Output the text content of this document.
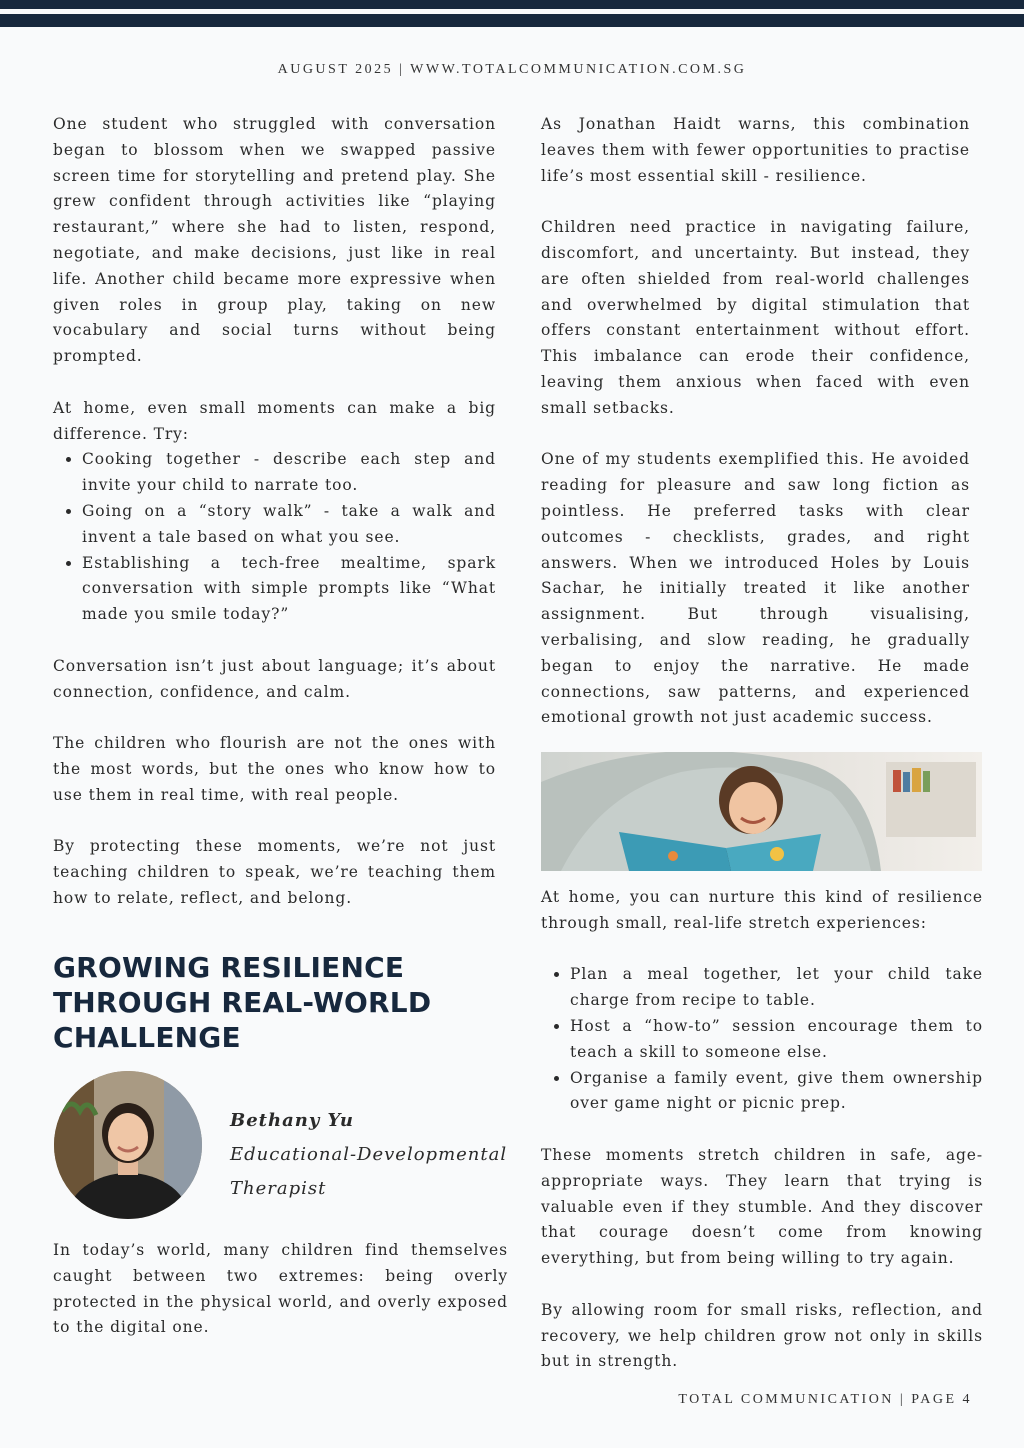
AUGUST 2025 | WWW.TOTALCOMMUNICATION.COM.SG

One student who struggled with conversation began to blossom when we swapped passive screen time for storytelling and pretend play. She grew confident through activities like “playing restaurant,” where she had to listen, respond, negotiate, and make decisions, just like in real life. Another child became more expressive when given roles in group play, taking on new vocabulary and social turns without being prompted.

At home, even small moments can make a big difference. Try:

• Cooking together - describe each step and invite your child to narrate too.
• Going on a “story walk” - take a walk and invent a tale based on what you see.
• Establishing a tech-free mealtime, spark conversation with simple prompts like “What made you smile today?”

Conversation isn’t just about language; it’s about connection, confidence, and calm.

The children who flourish are not the ones with the most words, but the ones who know how to use them in real time, with real people.

By protecting these moments, we’re not just teaching children to speak, we’re teaching them how to relate, reflect, and belong.

GROWING RESILIENCE
THROUGH REAL-WORLD
CHALLENGE
Bethany Yu
Educational-Developmental
Therapist

In today’s world, many children find themselves caught between two extremes: being overly protected in the physical world, and overly exposed to the digital one.

As Jonathan Haidt warns, this combination leaves them with fewer opportunities to practise life’s most essential skill - resilience.

Children need practice in navigating failure, discomfort, and uncertainty. But instead, they are often shielded from real-world challenges and overwhelmed by digital stimulation that offers constant entertainment without effort. This imbalance can erode their confidence, leaving them anxious when faced with even small setbacks.

One of my students exemplified this. He avoided reading for pleasure and saw long fiction as pointless. He preferred tasks with clear outcomes - checklists, grades, and right answers. When we introduced Holes by Louis Sachar, he initially treated it like another assignment. But through visualising, verbalising, and slow reading, he gradually began to enjoy the narrative. He made connections, saw patterns, and experienced emotional growth not just academic success.

At home, you can nurture this kind of resilience through small, real-life stretch experiences:

• Plan a meal together, let your child take charge from recipe to table.
• Host a “how-to” session encourage them to teach a skill to someone else.
• Organise a family event, give them ownership over game night or picnic prep.

These moments stretch children in safe, age-appropriate ways. They learn that trying is valuable even if they stumble. And they discover that courage doesn’t come from knowing everything, but from being willing to try again.

By allowing room for small risks, reflection, and recovery, we help children grow not only in skills but in strength.

TOTAL COMMUNICATION | PAGE 4
